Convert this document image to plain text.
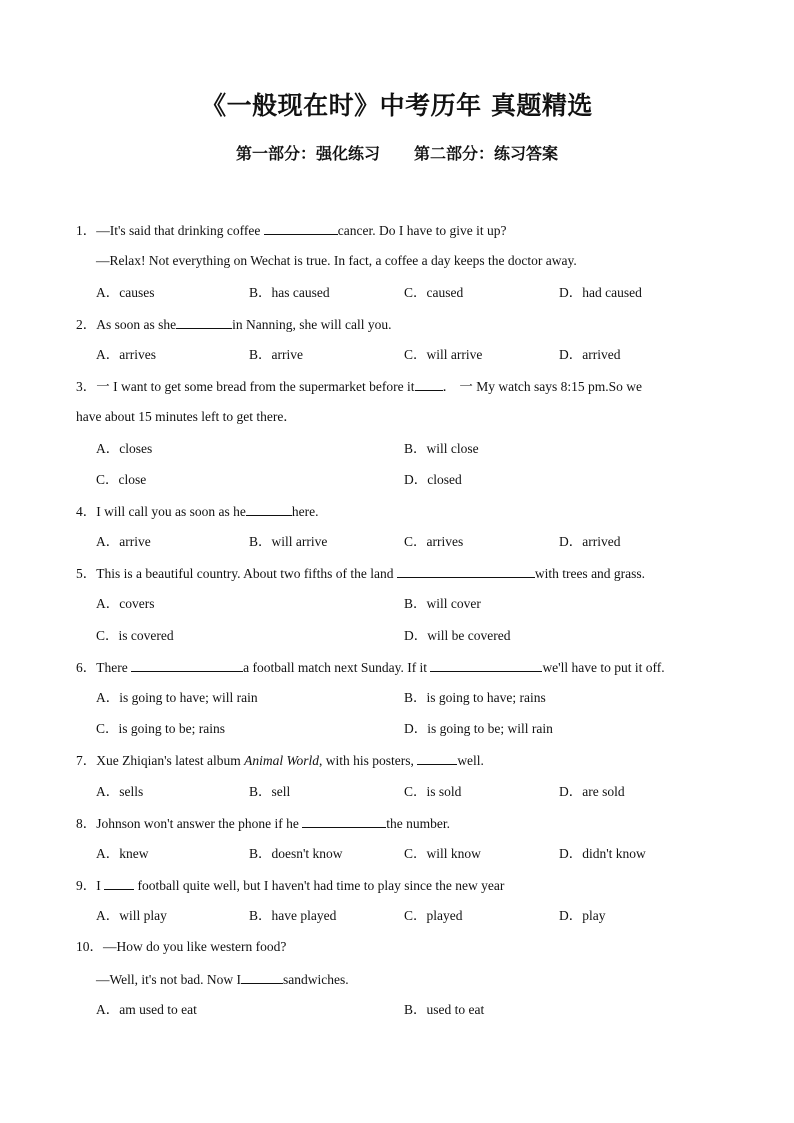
《一般现在时》中考历年 真题精选
第一部分：强化练习 第二部分：练习答案
1．—It's said that drinking coffee	cancer. Do I have to give it up?
—Relax! Not everything on Wechat is true. In fact, a coffee a day keeps the doctor away.
A．causes	B．has caused	C．caused	D．had caused
2．As soon as she	in Nanning, she will call you.
A．arrives	B．arrive	C．will arrive	D．arrived
3．一 I want to get some bread from the supermarket before it ． 一 My watch says 8:15 pm.So we
have about 15 minutes left to get there．
A．closes	B．will close
C．close	D．closed
4．I will call you as soon as he	here.
A．arrive	B．will arrive	C．arrives	D．arrived
5．This is a beautiful country. About two fifths of the land	with trees and grass.
A．covers	B．will cover
C．is covered	D．will be covered
6．There	a football match next Sunday. If it	we'll have to put it off.
A．is going to have; will rain	B．is going to have; rains
C．is going to be; rains	D．is going to be; will rain
7．Xue Zhiqian's latest album Animal World, with his posters,	well.
A．sells	B．sell	C．is sold	D．are sold
8．Johnson won't answer the phone if he	the number.
A．knew	B．doesn't know	C．will know	D．didn't know
9．I  football quite well, but I haven't had time to play since the new year
A．will play	B．have played	C．played	D．play
10．—How do you like western food?
—Well, it's not bad. Now I	sandwiches.
A．am used to eat	B．used to eat
